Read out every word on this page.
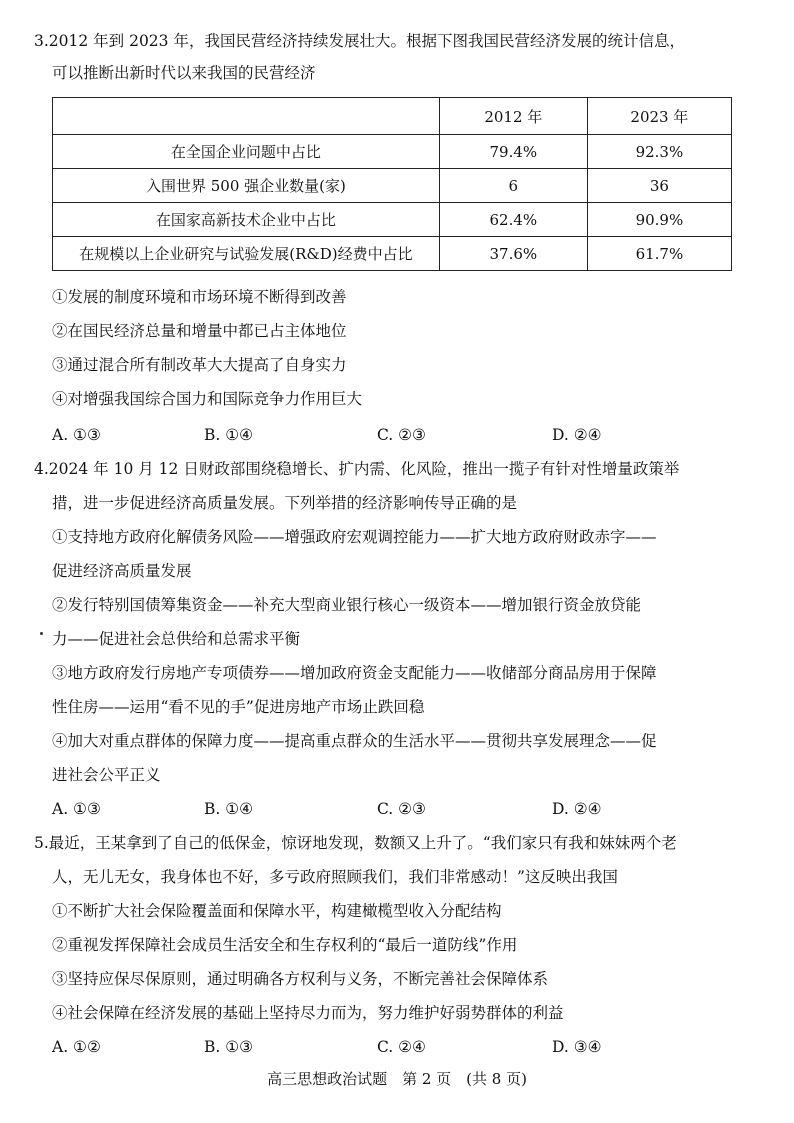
3.2012 年到 2023 年，我国民营经济持续发展壮大。根据下图我国民营经济发展的统计信息，
可以推断出新时代以来我国的民营经济
	2012 年	2023 年
在全国企业问题中占比	79.4%	92.3%
入围世界 500 强企业数量(家)	6	36
在国家高新技术企业中占比	62.4%	90.9%
在规模以上企业研究与试验发展(R&D)经费中占比	37.6%	61.7%
①发展的制度环境和市场环境不断得到改善
②在国民经济总量和增量中都已占主体地位
③通过混合所有制改革大大提高了自身实力
④对增强我国综合国力和国际竞争力作用巨大
A. ①③	B. ①④	C. ②③	D. ②④
4.2024 年 10 月 12 日财政部围绕稳增长、扩内需、化风险，推出一揽子有针对性增量政策举
措，进一步促进经济高质量发展。下列举措的经济影响传导正确的是
①支持地方政府化解债务风险——增强政府宏观调控能力——扩大地方政府财政赤字——
促进经济高质量发展
②发行特别国债筹集资金——补充大型商业银行核心一级资本——增加银行资金放贷能
力——促进社会总供给和总需求平衡
③地方政府发行房地产专项债券——增加政府资金支配能力——收储部分商品房用于保障
性住房——运用“看不见的手”促进房地产市场止跌回稳
④加大对重点群体的保障力度——提高重点群众的生活水平——贯彻共享发展理念——促
进社会公平正义
A. ①③	B. ①④	C. ②③	D. ②④
5.最近，王某拿到了自己的低保金，惊讶地发现，数额又上升了。“我们家只有我和妹妹两个老
人，无儿无女，我身体也不好，多亏政府照顾我们，我们非常感动！”这反映出我国
①不断扩大社会保险覆盖面和保障水平，构建橄榄型收入分配结构
②重视发挥保障社会成员生活安全和生存权利的“最后一道防线”作用
③坚持应保尽保原则，通过明确各方权利与义务，不断完善社会保障体系
④社会保障在经济发展的基础上坚持尽力而为，努力维护好弱势群体的利益
A. ①②	B. ①③	C. ②④	D. ③④
高三思想政治试题　第 2 页　(共 8 页)
